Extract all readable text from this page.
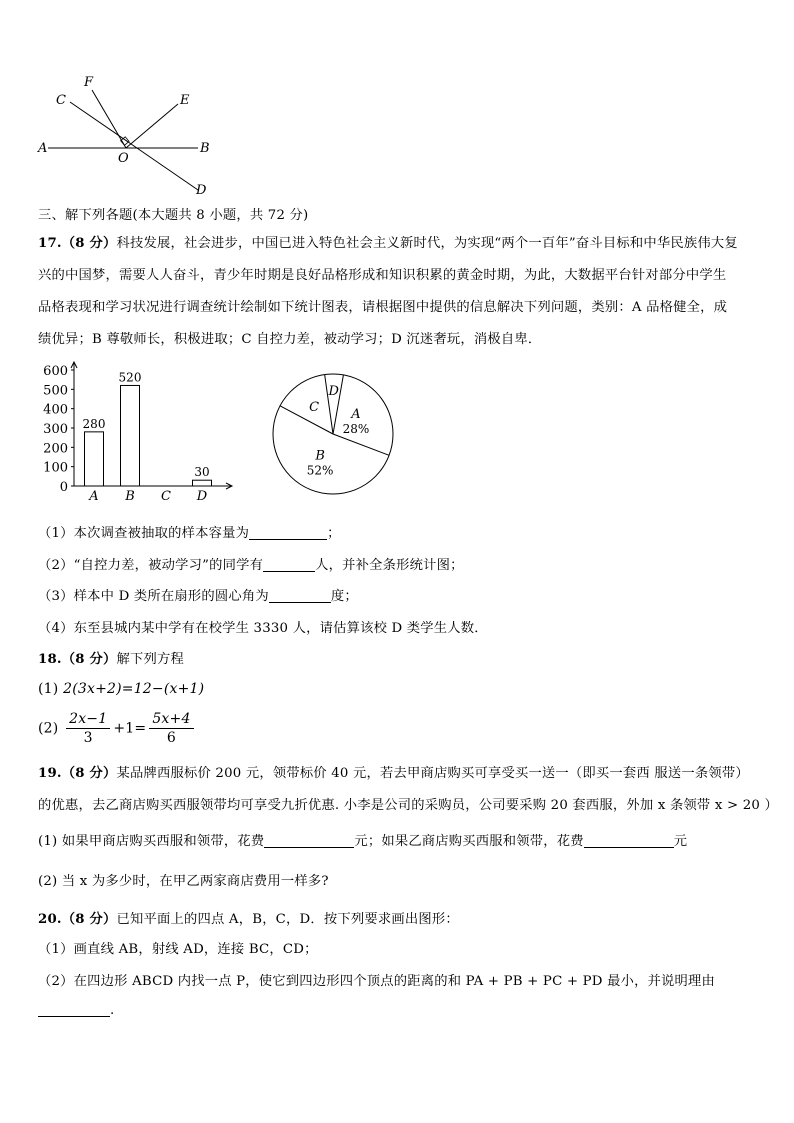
A	B
C
D
E
F
O
三、解下列各题(本大题共 8 小题，共 72 分)
17.（8 分）科技发展，社会进步，中国已进入特色社会主义新时代，为实现“两个一百年”奋斗目标和中华民族伟大复
兴的中国梦，需要人人奋斗，青少年时期是良好品格形成和知识积累的黄金时期，为此，大数据平台针对部分中学生
品格表现和学习状况进行调查统计绘制如下统计图表，请根据图中提供的信息解决下列问题，类别：A 品格健全，成
绩优异；B 尊敬师长，积极进取；C 自控力差，被动学习；D 沉迷奢玩，消极自卑．
0
100
200
300
400
500
600
280
A
520
B C
30
D
A
28%
B
52%
C
D
（1）本次调查被抽取的样本容量为	；
（2）“自控力差，被动学习”的同学有	人，并补全条形统计图；
（3）样本中 D 类所在扇形的圆心角为	度；
（4）东至县城内某中学有在校学生 3330 人，请估算该校 D 类学生人数．
18.（8 分）解下列方程
(1) 2(3x+2)=12−(x+1)
$(2) \frac{2x-1}{3} +1= \frac{5x+4}{6}$
19.（8 分）某品牌西服标价 200 元，领带标价 40 元，若去甲商店购买可享受买一送一（即买一套西 服送一条领带）
的优惠，去乙商店购买西服领带均可享受九折优惠. 小李是公司的采购员，公司要采购 20 套西服，外加 x 条领带 x > 20 ）
(1) 如果甲商店购买西服和领带，花费	元；如果乙商店购买西服和领带，花费	元
(2) 当 x 为多少时，在甲乙两家商店费用一样多?
20.（8 分）已知平面上的四点 A，B，C，D．按下列要求画出图形：
（1）画直线 AB，射线 AD，连接 BC，CD；
（2）在四边形 ABCD 内找一点 P，使它到四边形四个顶点的距离的和 PA + PB + PC + PD 最小，并说明理由
.
